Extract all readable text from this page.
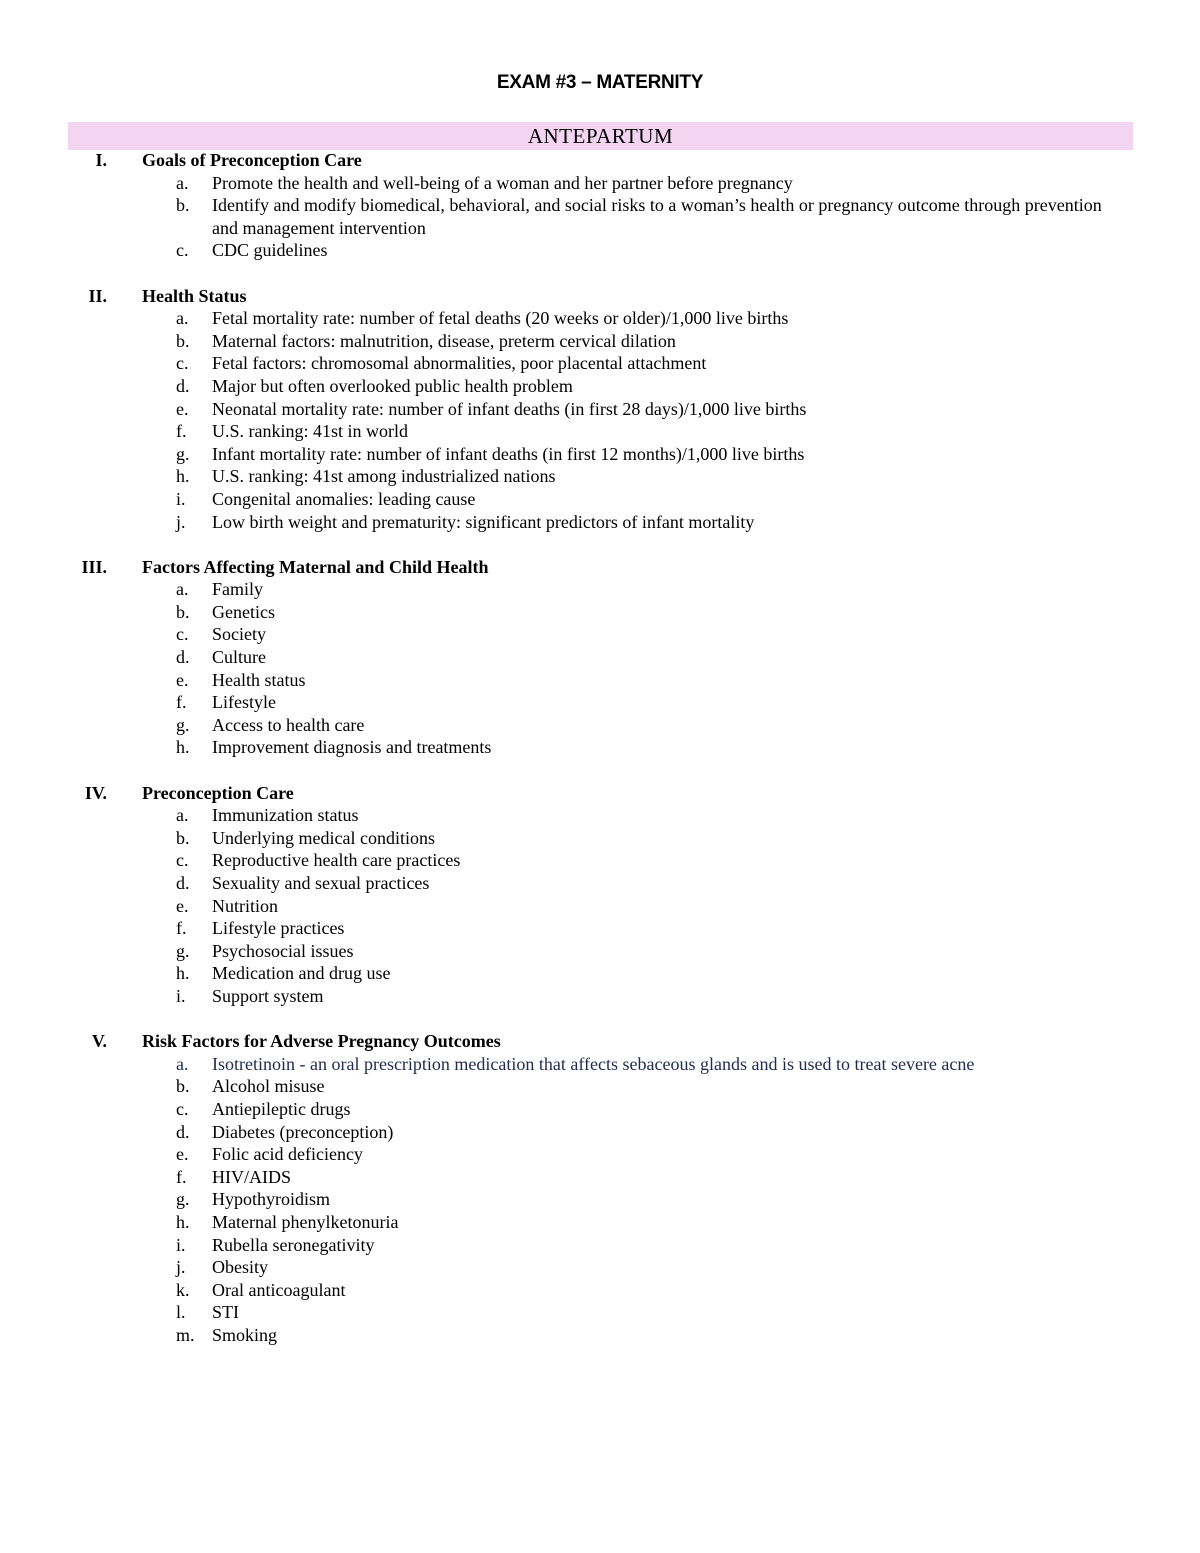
EXAM #3 – MATERNITY
ANTEPARTUM
I. Goals of Preconception Care
a. Promote the health and well-being of a woman and her partner before pregnancy
b. Identify and modify biomedical, behavioral, and social risks to a woman’s health or pregnancy outcome through prevention and management intervention
c. CDC guidelines
II. Health Status
a. Fetal mortality rate: number of fetal deaths (20 weeks or older)/1,000 live births
b. Maternal factors: malnutrition, disease, preterm cervical dilation
c. Fetal factors: chromosomal abnormalities, poor placental attachment
d. Major but often overlooked public health problem
e. Neonatal mortality rate: number of infant deaths (in first 28 days)/1,000 live births
f. U.S. ranking: 41st in world
g. Infant mortality rate: number of infant deaths (in first 12 months)/1,000 live births
h. U.S. ranking: 41st among industrialized nations
i. Congenital anomalies: leading cause
j. Low birth weight and prematurity: significant predictors of infant mortality
III. Factors Affecting Maternal and Child Health
a. Family
b. Genetics
c. Society
d. Culture
e. Health status
f. Lifestyle
g. Access to health care
h. Improvement diagnosis and treatments
IV. Preconception Care
a. Immunization status
b. Underlying medical conditions
c. Reproductive health care practices
d. Sexuality and sexual practices
e. Nutrition
f. Lifestyle practices
g. Psychosocial issues
h. Medication and drug use
i. Support system
V. Risk Factors for Adverse Pregnancy Outcomes
a. Isotretinoin - an oral prescription medication that affects sebaceous glands and is used to treat severe acne
b. Alcohol misuse
c. Antiepileptic drugs
d. Diabetes (preconception)
e. Folic acid deficiency
f. HIV/AIDS
g. Hypothyroidism
h. Maternal phenylketonuria
i. Rubella seronegativity
j. Obesity
k. Oral anticoagulant
l. STI
m. Smoking
